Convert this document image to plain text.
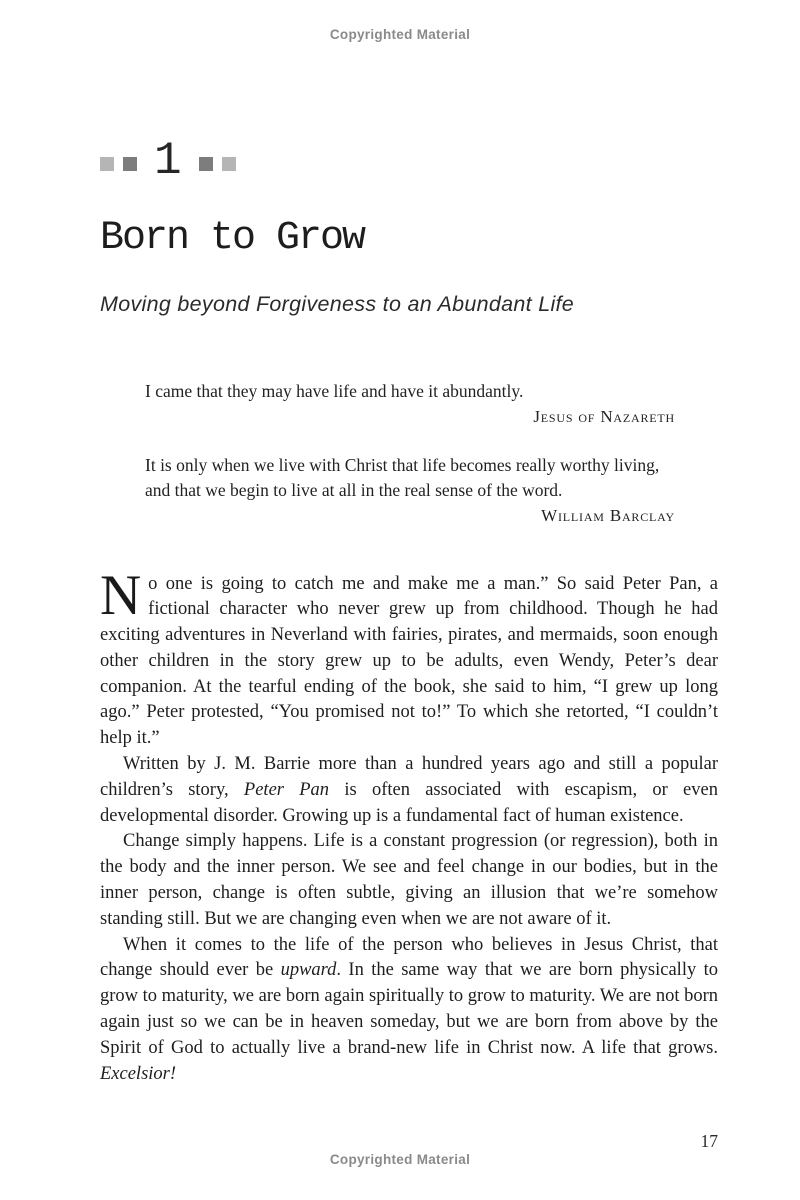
Copyrighted Material
1
Born to Grow
Moving beyond Forgiveness to an Abundant Life
I came that they may have life and have it abundantly.
Jesus of Nazareth
It is only when we live with Christ that life becomes really worthy living, and that we begin to live at all in the real sense of the word.
William Barclay

No one is going to catch me and make me a man.” So said Peter Pan, a fictional character who never grew up from childhood. Though he had exciting adventures in Neverland with fairies, pirates, and mermaids, soon enough other children in the story grew up to be adults, even Wendy, Peter’s dear companion. At the tearful ending of the book, she said to him, “I grew up long ago.” Peter protested, “You promised not to!” To which she retorted, “I couldn’t help it.”

Written by J. M. Barrie more than a hundred years ago and still a popular children’s story, Peter Pan is often associated with escapism, or even developmental disorder. Growing up is a fundamental fact of human existence.

Change simply happens. Life is a constant progression (or regression), both in the body and the inner person. We see and feel change in our bodies, but in the inner person, change is often subtle, giving an illusion that we’re somehow standing still. But we are changing even when we are not aware of it.

When it comes to the life of the person who believes in Jesus Christ, that change should ever be upward. In the same way that we are born physically to grow to maturity, we are born again spiritually to grow to maturity. We are not born again just so we can be in heaven someday, but we are born from above by the Spirit of God to actually live a brand-new life in Christ now. A life that grows. Excelsior!

17
Copyrighted Material
